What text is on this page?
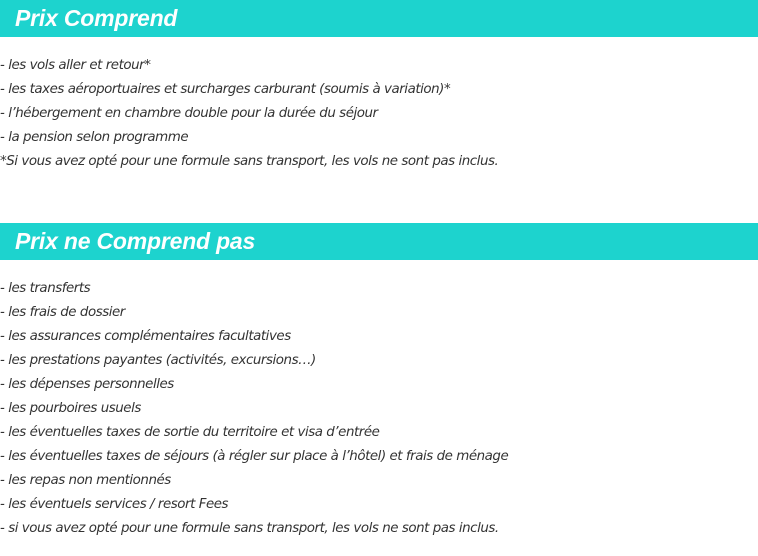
Prix Comprend
- les vols aller et retour*
- les taxes aéroportuaires et surcharges carburant (soumis à variation)*
- l’hébergement en chambre double pour la durée du séjour
- la pension selon programme
*Si vous avez opté pour une formule sans transport, les vols ne sont pas inclus.
Prix ne Comprend pas
- les transferts
- les frais de dossier
- les assurances complémentaires facultatives
- les prestations payantes (activités, excursions…)
- les dépenses personnelles
- les pourboires usuels
- les éventuelles taxes de sortie du territoire et visa d’entrée
- les éventuelles taxes de séjours (à régler sur place à l’hôtel) et frais de ménage
- les repas non mentionnés
- les éventuels services / resort Fees
- si vous avez opté pour une formule sans transport, les vols ne sont pas inclus.
